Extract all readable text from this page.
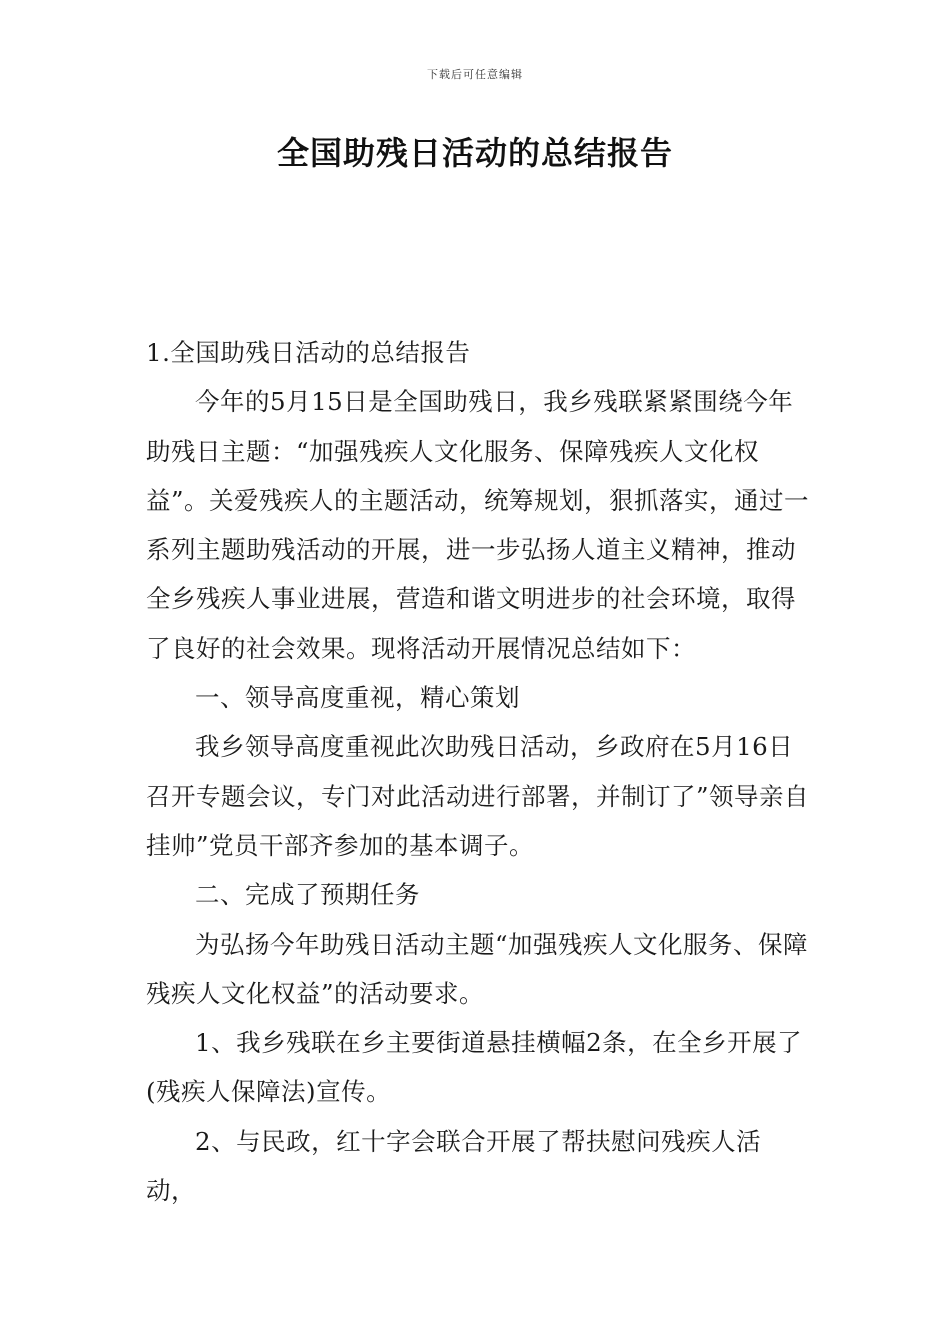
下载后可任意编辑
全国助残日活动的总结报告

1.全国助残日活动的总结报告

今年的5月15日是全国助残日，我乡残联紧紧围绕今年助残日主题：“加强残疾人文化服务、保障残疾人文化权益”。关爱残疾人的主题活动，统筹规划，狠抓落实，通过一系列主题助残活动的开展，进一步弘扬人道主义精神，推动全乡残疾人事业进展，营造和谐文明进步的社会环境，取得了良好的社会效果。现将活动开展情况总结如下：

一、领导高度重视，精心策划

我乡领导高度重视此次助残日活动，乡政府在5月16日召开专题会议，专门对此活动进行部署，并制订了”领导亲自挂帅”党员干部齐参加的基本调子。

二、完成了预期任务

为弘扬今年助残日活动主题“加强残疾人文化服务、保障残疾人文化权益”的活动要求。

1、我乡残联在乡主要街道悬挂横幅2条，在全乡开展了(残疾人保障法)宣传。

2、与民政，红十字会联合开展了帮扶慰问残疾人活动，
